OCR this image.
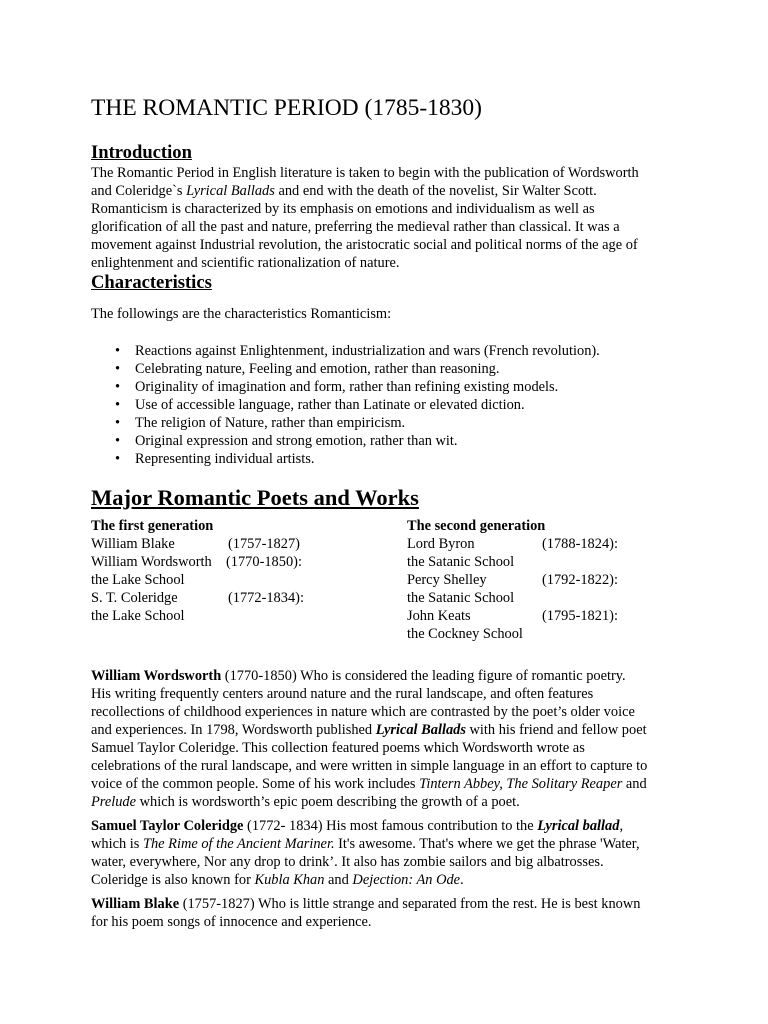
THE ROMANTIC PERIOD (1785-1830)
Introduction
The Romantic Period in English literature is taken to begin with the publication of Wordsworth
and Coleridge`s Lyrical Ballads and end with the death of the novelist, Sir Walter Scott.
Romanticism is characterized by its emphasis on emotions and individualism as well as
glorification of all the past and nature, preferring the medieval rather than classical. It was a
movement against Industrial revolution, the aristocratic social and political norms of the age of
enlightenment and scientific rationalization of nature.
Characteristics
The followings are the characteristics Romanticism:
• Reactions against Enlightenment, industrialization and wars (French revolution).
• Celebrating nature, Feeling and emotion, rather than reasoning.
• Originality of imagination and form, rather than refining existing models.
• Use of accessible language, rather than Latinate or elevated diction.
• The religion of Nature, rather than empiricism.
• Original expression and strong emotion, rather than wit.
• Representing individual artists.
Major Romantic Poets and Works
The first generation
William Blake	(1757-1827)
William Wordsworth (1770-1850):
the Lake School
S. T. Coleridge	(1772-1834):
the Lake School
The second generation
Lord Byron	(1788-1824):
the Satanic School
Percy Shelley	(1792-1822):
the Satanic School
John Keats	(1795-1821):
the Cockney School

William Wordsworth (1770-1850) Who is considered the leading figure of romantic poetry.
His writing frequently centers around nature and the rural landscape, and often features
recollections of childhood experiences in nature which are contrasted by the poet’s older voice
and experiences. In 1798, Wordsworth published Lyrical Ballads with his friend and fellow poet
Samuel Taylor Coleridge. This collection featured poems which Wordsworth wrote as
celebrations of the rural landscape, and were written in simple language in an effort to capture to
voice of the common people. Some of his work includes Tintern Abbey, The Solitary Reaper and
Prelude which is wordsworth’s epic poem describing the growth of a poet.

Samuel Taylor Coleridge (1772- 1834) His most famous contribution to the Lyrical ballad,
which is The Rime of the Ancient Mariner. It's awesome. That's where we get the phrase 'Water,
water, everywhere, Nor any drop to drink’. It also has zombie sailors and big albatrosses.
Coleridge is also known for Kubla Khan and Dejection: An Ode.

William Blake (1757-1827) Who is little strange and separated from the rest. He is best known
for his poem songs of innocence and experience.
